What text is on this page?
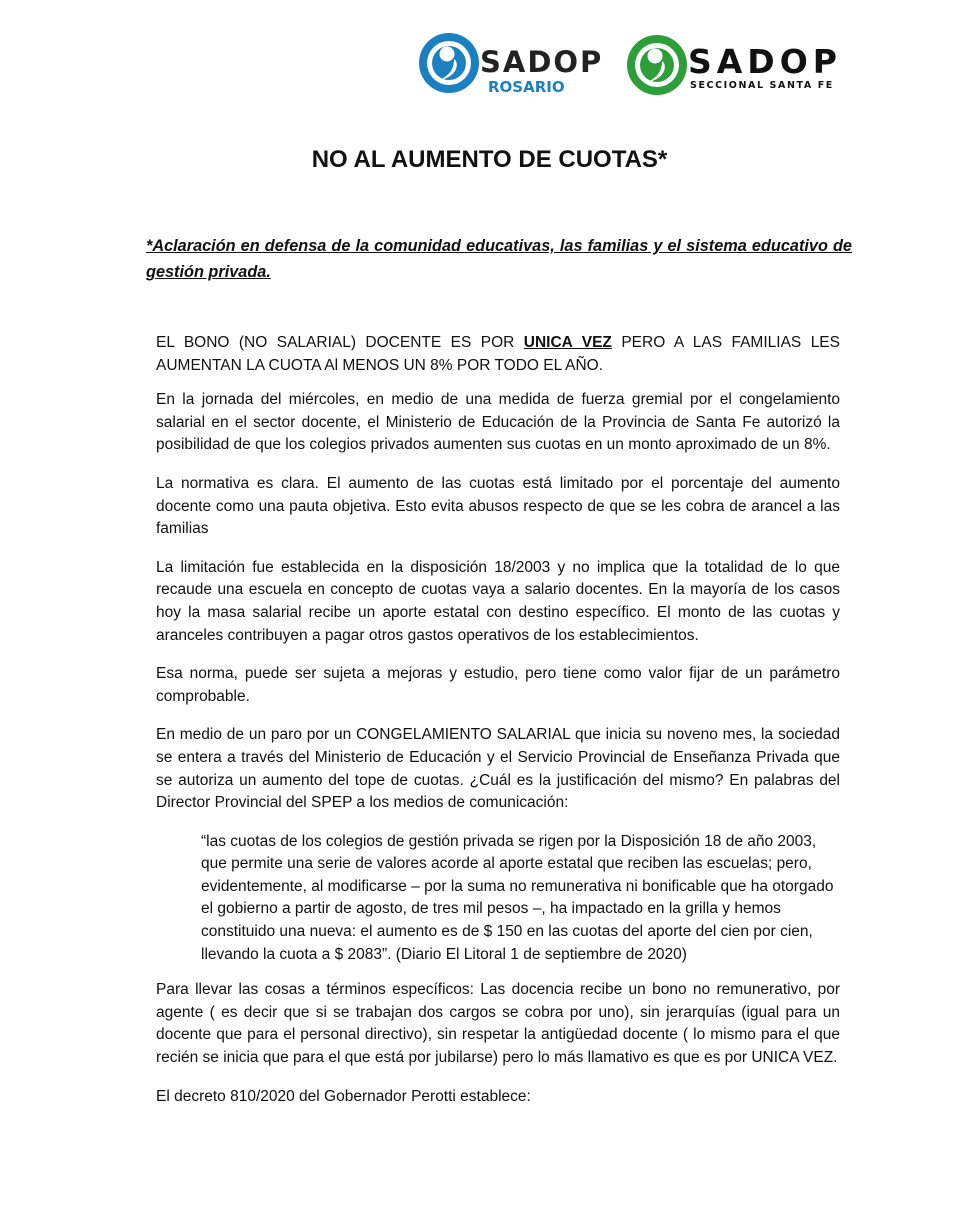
SADOP
ROSARIO
SADOP
SECCIONAL SANTA FE
NO AL AUMENTO DE CUOTAS*

*Aclaración en defensa de la comunidad educativas, las familias y el sistema educativo de gestión privada.

EL BONO (NO SALARIAL) DOCENTE ES POR UNICA VEZ PERO A LAS FAMILIAS LES AUMENTAN LA CUOTA Al MENOS UN 8% POR TODO EL AÑO.

En la jornada del miércoles, en medio de una medida de fuerza gremial por el congelamiento salarial en el sector docente, el Ministerio de Educación de la Provincia de Santa Fe autorizó la posibilidad de que los colegios privados aumenten sus cuotas en un monto aproximado de un 8%.

La normativa es clara. El aumento de las cuotas está limitado por el porcentaje del aumento docente como una pauta objetiva. Esto evita abusos respecto de que se les cobra de arancel a las familias

La limitación fue establecida en la disposición 18/2003 y no implica que la totalidad de lo que recaude una escuela en concepto de cuotas vaya a salario docentes. En la mayoría de los casos hoy la masa salarial recibe un aporte estatal con destino específico. El monto de las cuotas y aranceles contribuyen a pagar otros gastos operativos de los establecimientos.

Esa norma, puede ser sujeta a mejoras y estudio, pero tiene como valor fijar de un parámetro comprobable.

En medio de un paro por un CONGELAMIENTO SALARIAL que inicia su noveno mes, la sociedad se entera a través del Ministerio de Educación y el Servicio Provincial de Enseñanza Privada que se autoriza un aumento del tope de cuotas. ¿Cuál es la justificación del mismo? En palabras del Director Provincial del SPEP a los medios de comunicación:

“las cuotas de los colegios de gestión privada se rigen por la Disposición 18 de año 2003, que permite una serie de valores acorde al aporte estatal que reciben las escuelas; pero, evidentemente, al modificarse – por la suma no remunerativa ni bonificable que ha otorgado el gobierno a partir de agosto, de tres mil pesos –, ha impactado en la grilla y hemos constituido una nueva: el aumento es de $ 150 en las cuotas del aporte del cien por cien, llevando la cuota a $ 2083”. (Diario El Litoral 1 de septiembre de 2020)

Para llevar las cosas a términos específicos: Las docencia recibe un bono no remunerativo, por agente ( es decir que si se trabajan dos cargos se cobra por uno), sin jerarquías (igual para un docente que para el personal directivo), sin respetar la antigüedad docente ( lo mismo para el que recién se inicia que para el que está por jubilarse) pero lo más llamativo es que es por UNICA VEZ.

El decreto 810/2020 del Gobernador Perotti establece:
